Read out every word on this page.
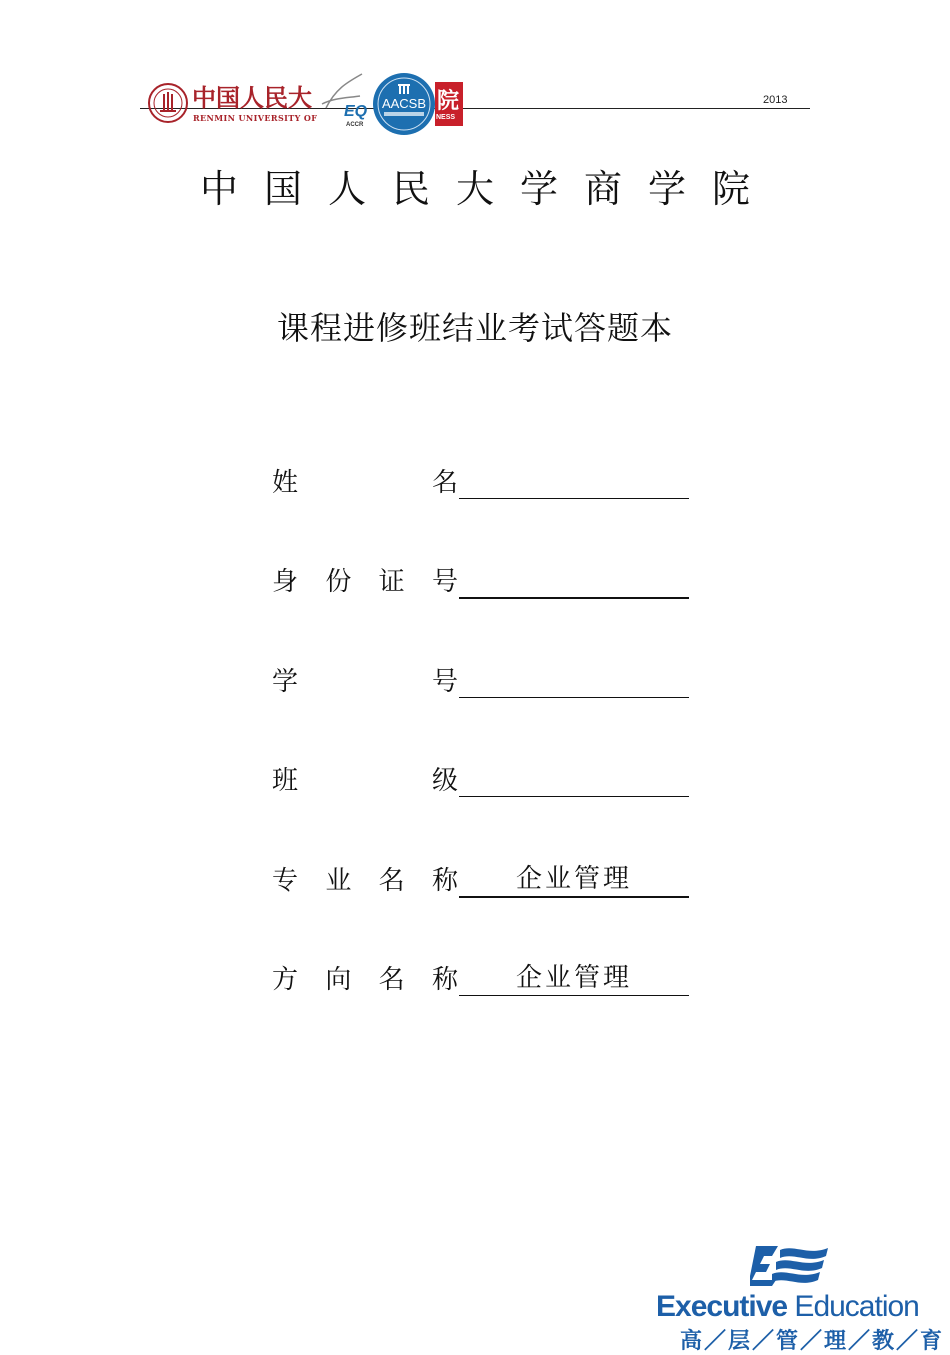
2013
中国人民大
RENMIN UNIVERSITY OF EQ
ACCR
AACSB 院
NESS
中国人民大学商学院
课程进修班结业考试答题本
姓	名
身 份 证 号
学	号
班	级
专 业 名 称	企业管理
方 向 名 称	企业管理
Executive Education
高／层／管／理／教／育
